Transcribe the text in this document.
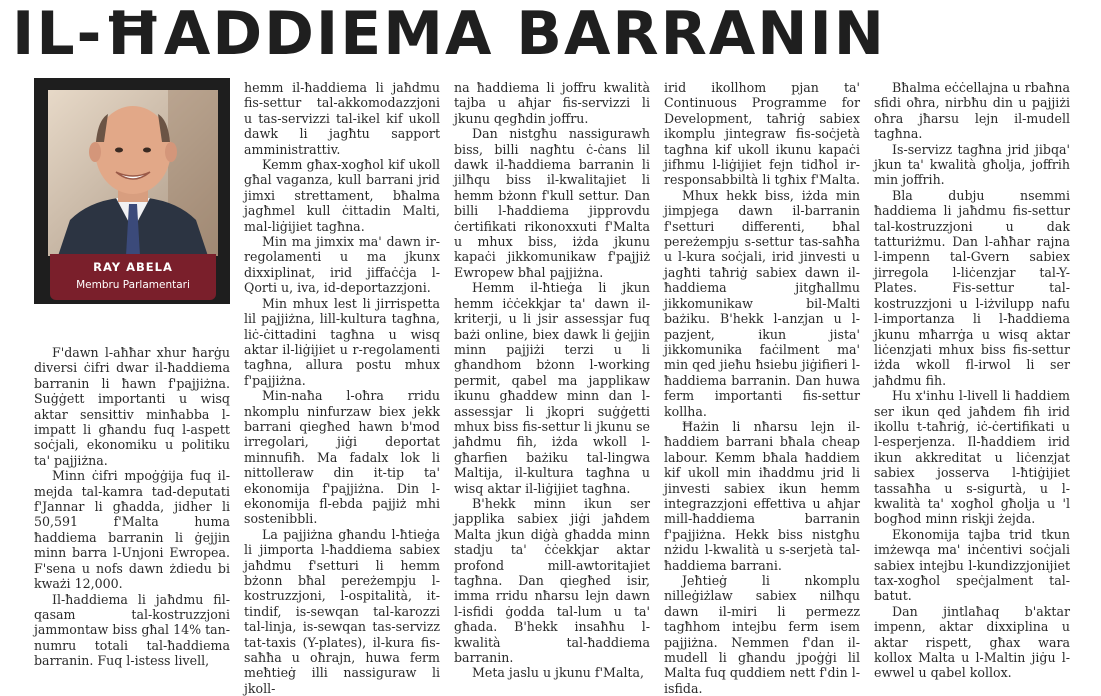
IL-ĦADDIEMA BARRANIN
RAY ABELA
Membru Parlamentari

F'dawn l-aħħar xhur ħarġu diversi ċifri dwar il-ħaddiema barranin li ħawn f'pajjiżna. Suġġett importanti u wisq aktar sensittiv minħabba l-impatt li għandu fuq l-aspett soċjali, ekonomiku u politiku ta' pajjiżna.

Minn ċifri mpoġġija fuq il-mejda tal-kamra tad-deputati f'Jannar li għadda, jidher li 50,591 f'Malta huma ħaddiema barranin li ġejjin minn barra l-Unjoni Ewropea. F'sena u nofs dawn żdiedu bi kważi 12,000.

Il-ħaddiema li jaħdmu fil-qasam tal-kostruzzjoni jammontaw biss għal 14% tan-numru totali tal-ħaddiema barranin. Fuq l-istess livell,

hemm il-ħaddiema li jaħdmu fis-settur tal-akkomodazzjoni u tas-servizzi tal-ikel kif ukoll dawk li jagħtu sapport amministrattiv.

Kemm għax-xogħol kif ukoll għal vaganza, kull barrani jrid jimxi strettament, bħalma jagħmel kull ċittadin Malti, mal-liġijiet tagħna.

Min ma jimxix ma' dawn ir-regolamenti u ma jkunx dixxiplinat, irid jiffaċċja l-Qorti u, iva, id-deportazzjoni.

Min mhux lest li jirrispetta lil pajjiżna, lill-kultura tagħna, liċ-ċittadini tagħna u wisq aktar il-liġijiet u r-regolamenti tagħna, allura postu mhux f'pajjiżna.

Min-naħa l-oħra rridu nkomplu ninfurzaw biex jekk barrani qiegħed hawn b'mod irregolari, jiġi deportat minnufiħ. Ma fadalx lok li nittolleraw din it-tip ta' ekonomija f'pajjiżna. Din l-ekonomija fl-ebda pajjiż mhi sostenibbli.

La pajjiżna għandu l-ħtieġa li jimporta l-ħaddiema sabiex jaħdmu f'setturi li hemm bżonn bħal pereżempju l-kostruzzjoni, l-ospitalità, it-tindif, is-sewqan tal-karozzi tal-linja, is-sewqan tas-servizz tat-taxis (Y-plates), il-kura fis-saħħa u oħrajn, huwa ferm meħtieġ illi nassiguraw li jkoll-

na ħaddiema li joffru kwalità tajba u aħjar fis-servizzi li jkunu qegħdin joffru.

Dan nistgħu nassigurawh biss, billi nagħtu ċ-ċans lil dawk il-ħaddiema barranin li jilħqu biss il-kwalitajiet li hemm bżonn f'kull settur. Dan billi l-ħaddiema jipprovdu ċertifikati rikonoxxuti f'Malta u mhux biss, iżda jkunu kapaċi jikkomunikaw f'pajjiż Ewropew bħal pajjiżna.

Hemm il-ħtieġa li jkun hemm iċċekkjar ta' dawn il-kriterji, u li jsir assessjar fuq bażi online, biex dawk li ġejjin minn pajjiżi terzi u li għandhom bżonn l-working permit, qabel ma japplikaw ikunu għaddew minn dan l-assessjar li jkopri suġġetti mhux biss fis-settur li jkunu se jaħdmu fih, iżda wkoll l-għarfien bażiku tal-lingwa Maltija, il-kultura tagħna u wisq aktar il-liġijiet tagħna.

B'hekk minn ikun ser japplika sabiex jiġi jaħdem Malta jkun diġà għadda minn stadju ta' ċċekkjar aktar profond mill-awtoritajiet tagħna. Dan qiegħed isir, imma rridu nħarsu lejn dawn l-isfidi ġodda tal-lum u ta' għada. B'hekk insaħħu l-kwalità tal-ħaddiema barranin.

Meta jaslu u jkunu f'Malta,

irid ikollhom pjan ta' Continuous Programme for Development, taħriġ sabiex ikomplu jintegraw fis-soċjetà tagħna kif ukoll ikunu kapaċi jifhmu l-liġijiet fejn tidħol ir-responsabbiltà li tgħix f'Malta.

Mhux hekk biss, iżda min jimpjega dawn il-barranin f'setturi differenti, bħal pereżempju s-settur tas-saħħa u l-kura soċjali, irid jinvesti u jagħti taħriġ sabiex dawn il-ħaddiema jitgħallmu jikkomunikaw bil-Malti bażiku. B'hekk l-anzjan u l-pazjent, ikun jista' jikkomunika faċilment ma' min qed jieħu ħsiebu jiġifieri l-ħaddiema barranin. Dan huwa ferm importanti fis-settur kollha.

Ħażin li nħarsu lejn il-ħaddiem barrani bħala cheap labour. Kemm bħala ħaddiem kif ukoll min iħaddmu jrid li jinvesti sabiex ikun hemm integrazzjoni effettiva u aħjar mill-ħaddiema barranin f'pajjiżna. Hekk biss nistgħu nżidu l-kwalità u s-serjetà tal-ħaddiema barrani.

Jeħtieġ li nkomplu nilleġiżlaw sabiex nilħqu dawn il-miri li permezz tagħhom intejbu ferm isem pajjiżna. Nemmen f'dan il-mudell li għandu jpoġġi lil Malta fuq quddiem nett f'din l-isfida.

Bħalma eċċellajna u rbaħna sfidi oħra, nirbħu din u pajjiżi oħra jħarsu lejn il-mudell tagħna.

Is-servizz tagħna jrid jibqa' jkun ta' kwalità għolja, joffrih min joffrih.

Bla dubju nsemmi ħaddiema li jaħdmu fis-settur tal-kostruzzjoni u dak tatturiżmu. Dan l-aħħar rajna l-impenn tal-Gvern sabiex jirregola l-liċenzjar tal-Y-Plates. Fis-settur tal-kostruzzjoni u l-iżvilupp nafu l-importanza li l-ħaddiema jkunu mħarrġa u wisq aktar liċenzjati mhux biss fis-settur iżda wkoll fl-irwol li ser jaħdmu fih.

Hu x'inhu l-livell li ħaddiem ser ikun qed jaħdem fih irid ikollu t-taħriġ, iċ-ċertifikati u l-esperjenza. Il-ħaddiem irid ikun akkreditat u liċenzjat sabiex josserva l-ħtiġijiet tassaħħa u s-sigurtà, u l-kwalità ta' xogħol għolja u 'l bogħod minn riskji żejda.

Ekonomija tajba trid tkun imżewqa ma' inċentivi soċjali sabiex intejbu l-kundizzjonijiet tax-xogħol speċjalment tal-batut.

Dan jintlaħaq b'aktar impenn, aktar dixxiplina u aktar rispett, għax wara kollox Malta u l-Maltin jiġu l-ewwel u qabel kollox.
